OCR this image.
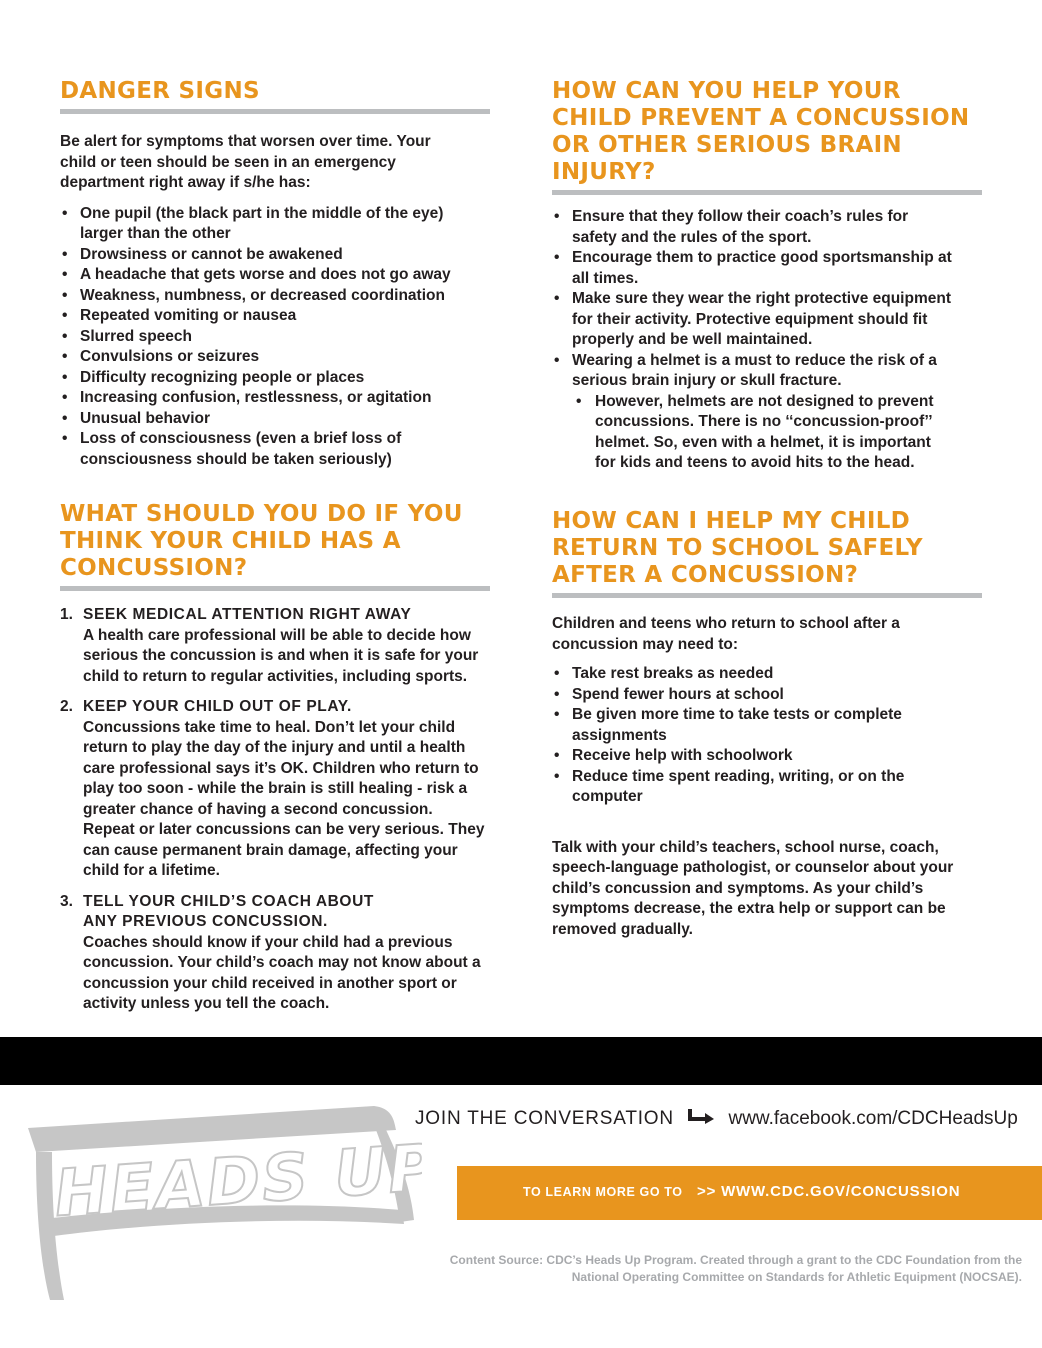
DANGER SIGNS

Be alert for symptoms that worsen over time. Your child or teen should be seen in an emergency department right away if s/he has:

• One pupil (the black part in the middle of the eye) larger than the other
• Drowsiness or cannot be awakened
• A headache that gets worse and does not go away
• Weakness, numbness, or decreased coordination
• Repeated vomiting or nausea
• Slurred speech
• Convulsions or seizures
• Difficulty recognizing people or places
• Increasing confusion, restlessness, or agitation
• Unusual behavior
• Loss of consciousness (even a brief loss of consciousness should be taken seriously)
WHAT SHOULD YOU DO IF YOU THINK YOUR CHILD HAS A CONCUSSION?
1. SEEK MEDICAL ATTENTION RIGHT AWAY
A health care professional will be able to decide how serious the concussion is and when it is safe for your child to return to regular activities, including sports.
2. KEEP YOUR CHILD OUT OF PLAY.
Concussions take time to heal. Don’t let your child return to play the day of the injury and until a health care professional says it’s OK. Children who return to play too soon - while the brain is still healing - risk a greater chance of having a second concussion. Repeat or later concussions can be very serious. They can cause permanent brain damage, affecting your child for a lifetime.
3. TELL YOUR CHILD’S COACH ABOUT ANY PREVIOUS CONCUSSION.
Coaches should know if your child had a previous concussion. Your child’s coach may not know about a concussion your child received in another sport or activity unless you tell the coach.
HOW CAN YOU HELP YOUR CHILD PREVENT A CONCUSSION OR OTHER SERIOUS BRAIN INJURY?
• Ensure that they follow their coach’s rules for safety and the rules of the sport.
• Encourage them to practice good sportsmanship at all times.
• Make sure they wear the right protective equipment for their activity. Protective equipment should fit properly and be well maintained.
• Wearing a helmet is a must to reduce the risk of a serious brain injury or skull fracture.
• However, helmets are not designed to prevent concussions. There is no ‘‘concussion-proof’’ helmet. So, even with a helmet, it is important for kids and teens to avoid hits to the head.
HOW CAN I HELP MY CHILD RETURN TO SCHOOL SAFELY AFTER A CONCUSSION?

Children and teens who return to school after a concussion may need to:

• Take rest breaks as needed
• Spend fewer hours at school
• Be given more time to take tests or complete assignments
• Receive help with schoolwork
• Reduce time spent reading, writing, or on the computer

Talk with your child’s teachers, school nurse, coach, speech-language pathologist, or counselor about your child’s concussion and symptoms. As your child’s symptoms decrease, the extra help or support can be removed gradually.

HEADS UP
JOIN THE CONVERSATION	www.facebook.com/CDCHeadsUp
TO LEARN MORE GO TO >> WWW.CDC.GOV/CONCUSSION
Content Source: CDC’s Heads Up Program. Created through a grant to the CDC Foundation from the
National Operating Committee on Standards for Athletic Equipment (NOCSAE).
